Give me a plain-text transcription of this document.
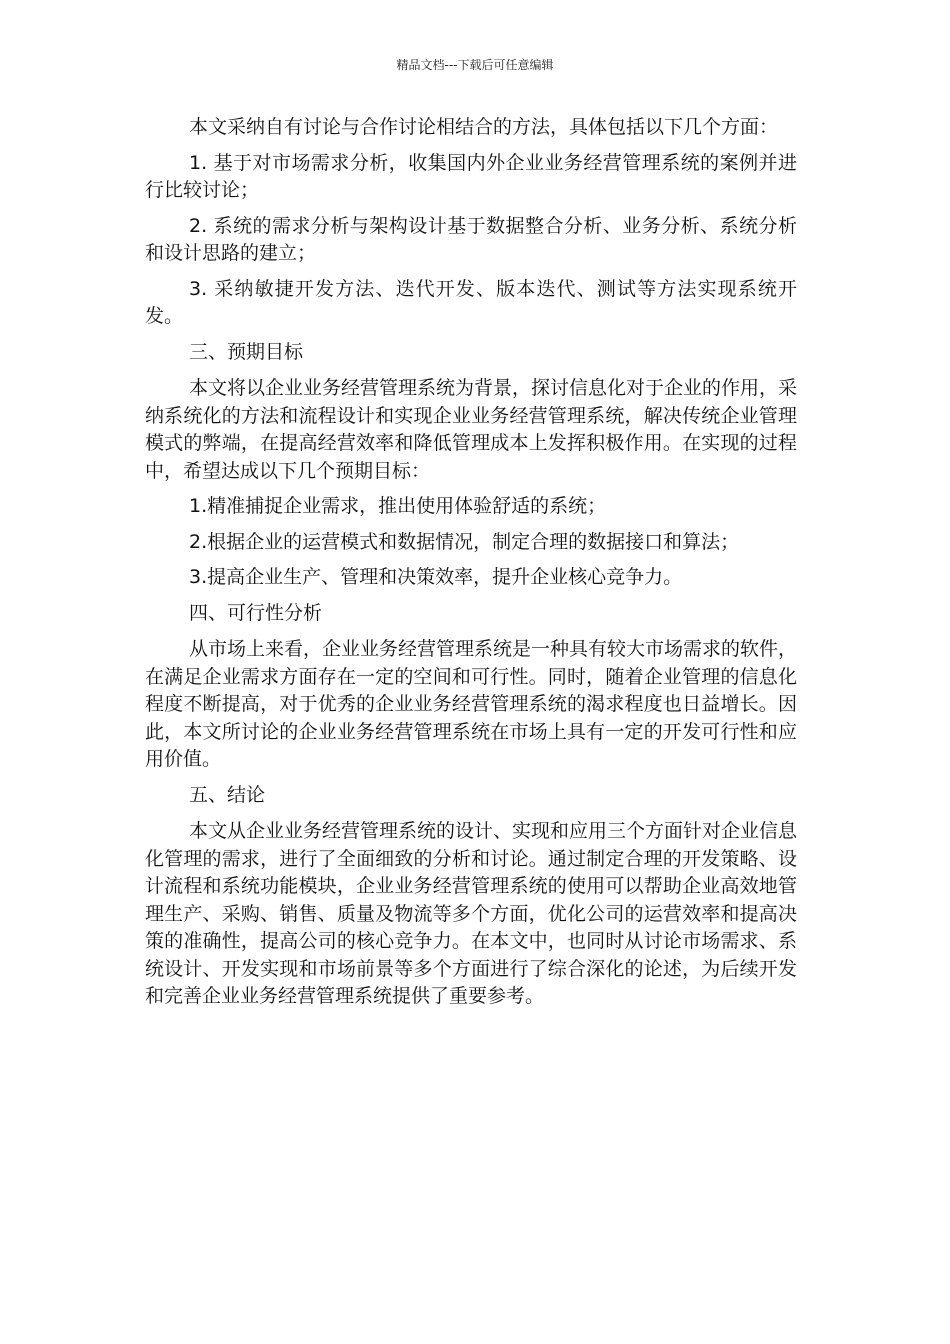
精品文档---下载后可任意编辑

本文采纳自有讨论与合作讨论相结合的方法，具体包括以下几个方面：

1. 基于对市场需求分析，收集国内外企业业务经营管理系统的案例并进行比较讨论；

2. 系统的需求分析与架构设计基于数据整合分析、业务分析、系统分析和设计思路的建立；

3. 采纳敏捷开发方法、迭代开发、版本迭代、测试等方法实现系统开发。

三、预期目标

本文将以企业业务经营管理系统为背景，探讨信息化对于企业的作用，采纳系统化的方法和流程设计和实现企业业务经营管理系统，解决传统企业管理模式的弊端，在提高经营效率和降低管理成本上发挥积极作用。在实现的过程中，希望达成以下几个预期目标：

1.精准捕捉企业需求，推出使用体验舒适的系统；

2.根据企业的运营模式和数据情况，制定合理的数据接口和算法；

3.提高企业生产、管理和决策效率，提升企业核心竞争力。

四、可行性分析

从市场上来看，企业业务经营管理系统是一种具有较大市场需求的软件，在满足企业需求方面存在一定的空间和可行性。同时，随着企业管理的信息化程度不断提高，对于优秀的企业业务经营管理系统的渴求程度也日益增长。因此，本文所讨论的企业业务经营管理系统在市场上具有一定的开发可行性和应用价值。

五、结论

本文从企业业务经营管理系统的设计、实现和应用三个方面针对企业信息化管理的需求，进行了全面细致的分析和讨论。通过制定合理的开发策略、设计流程和系统功能模块，企业业务经营管理系统的使用可以帮助企业高效地管理生产、采购、销售、质量及物流等多个方面，优化公司的运营效率和提高决策的准确性，提高公司的核心竞争力。在本文中，也同时从讨论市场需求、系统设计、开发实现和市场前景等多个方面进行了综合深化的论述，为后续开发和完善企业业务经营管理系统提供了重要参考。
